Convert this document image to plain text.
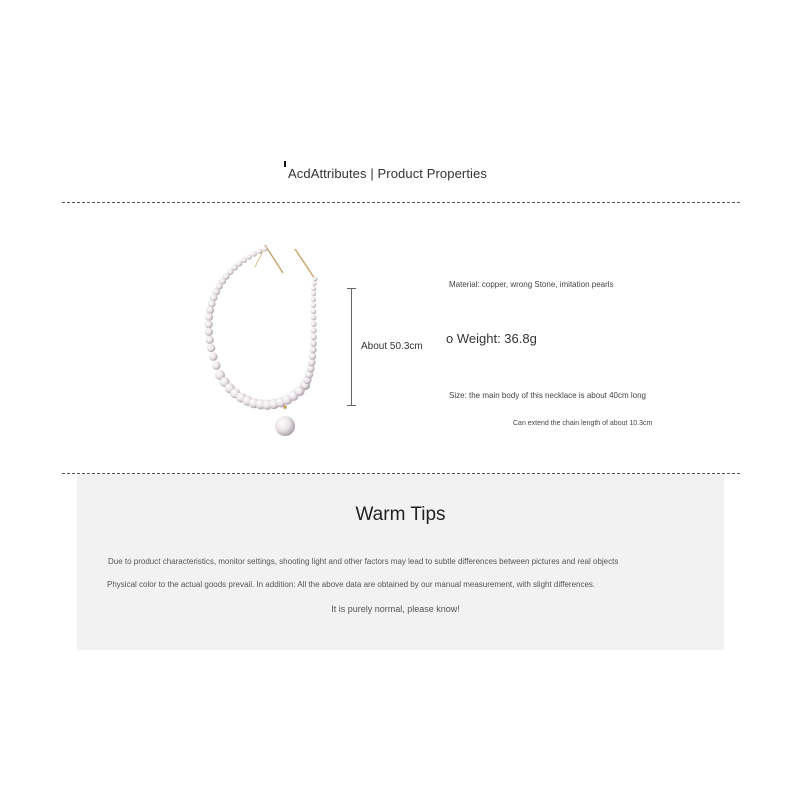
AcdAttributes | Product Properties
About 50.3cm
Material: copper, wrong Stone, imitation pearls
o Weight: 36.8g
Size: the main body of this necklace is about 40cm long
Can extend the chain length of about 10.3cm
Warm Tips
Due to product characteristics, monitor settings, shooting light and other factors may lead to subtle differences between pictures and real objects
Physical color to the actual goods prevail. In addition: All the above data are obtained by our manual measurement, with slight differences.
It is purely normal, please know!
